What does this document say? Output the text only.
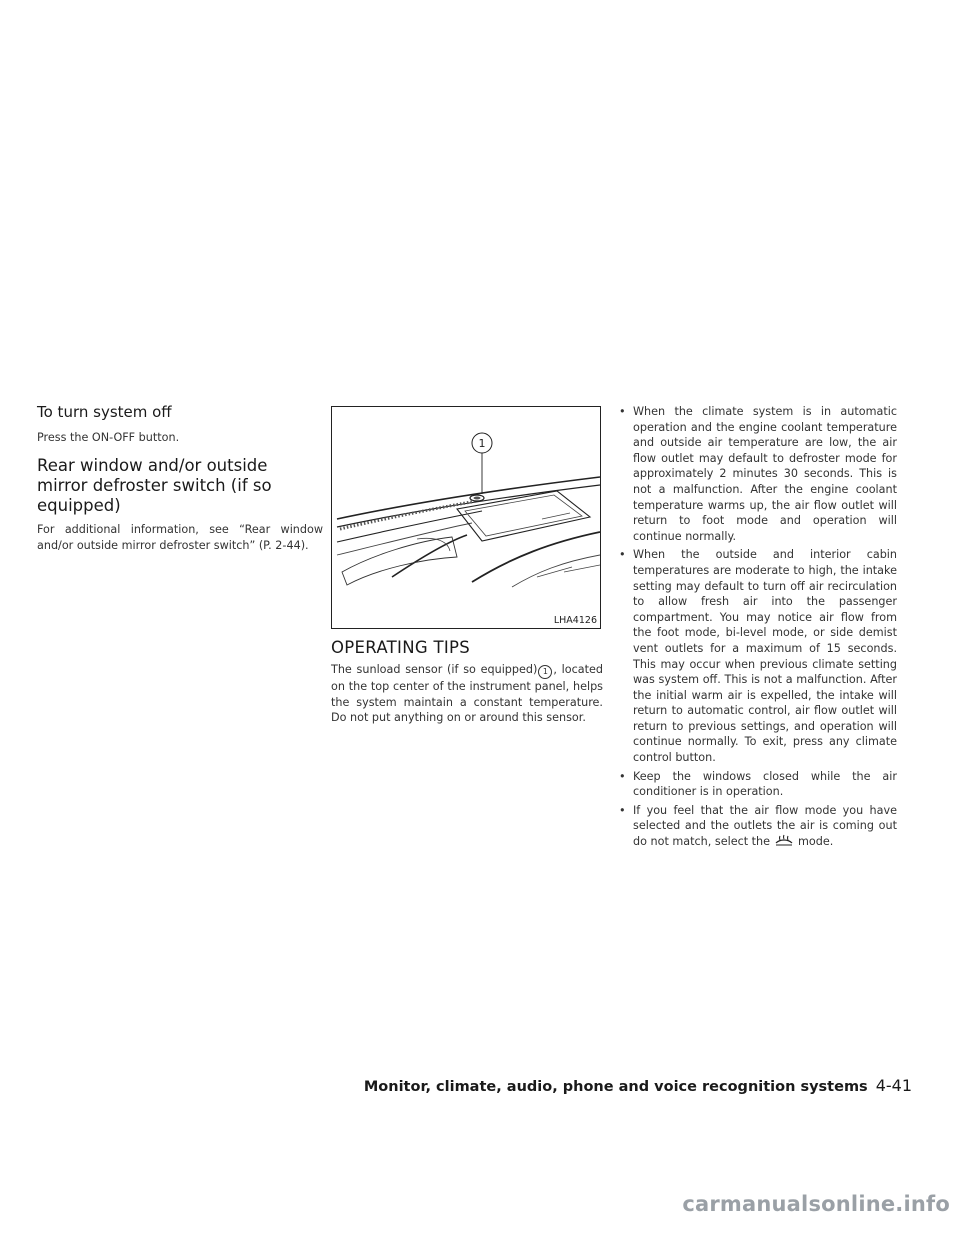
To turn system off

Press the ON-OFF button.

Rear window and/or outside mirror defroster switch (if so equipped)

For additional information, see “Rear window and/or outside mirror defroster switch” (P. 2-44).

1
LHA4126
OPERATING TIPS

The sunload sensor (if so equipped) 1 , located on the top center of the instrument panel, helps the system maintain a constant temperature. Do not put anything on or around this sensor.

• When the climate system is in automatic operation and the engine coolant temperature and outside air temperature are low, the air flow outlet may default to defroster mode for approximately 2 minutes 30 seconds. This is not a malfunction. After the engine coolant temperature warms up, the air flow outlet will return to foot mode and operation will continue normally.
• When the outside and interior cabin temperatures are moderate to high, the intake setting may default to turn off air recirculation to allow fresh air into the passenger compartment. You may notice air flow from the foot mode, bi-level mode, or side demist vent outlets for a maximum of 15 seconds. This may occur when previous climate setting was system off. This is not a malfunction. After the initial warm air is expelled, the intake will return to automatic control, air flow outlet will return to previous settings, and operation will continue normally. To exit, press any climate control button.
• Keep the windows closed while the air conditioner is in operation.
• If you feel that the air flow mode you have selected and the outlets the air is coming out do not match, select the	mode.
Monitor, climate, audio, phone and voice recognition systems 4-41
carmanualsonline.info
